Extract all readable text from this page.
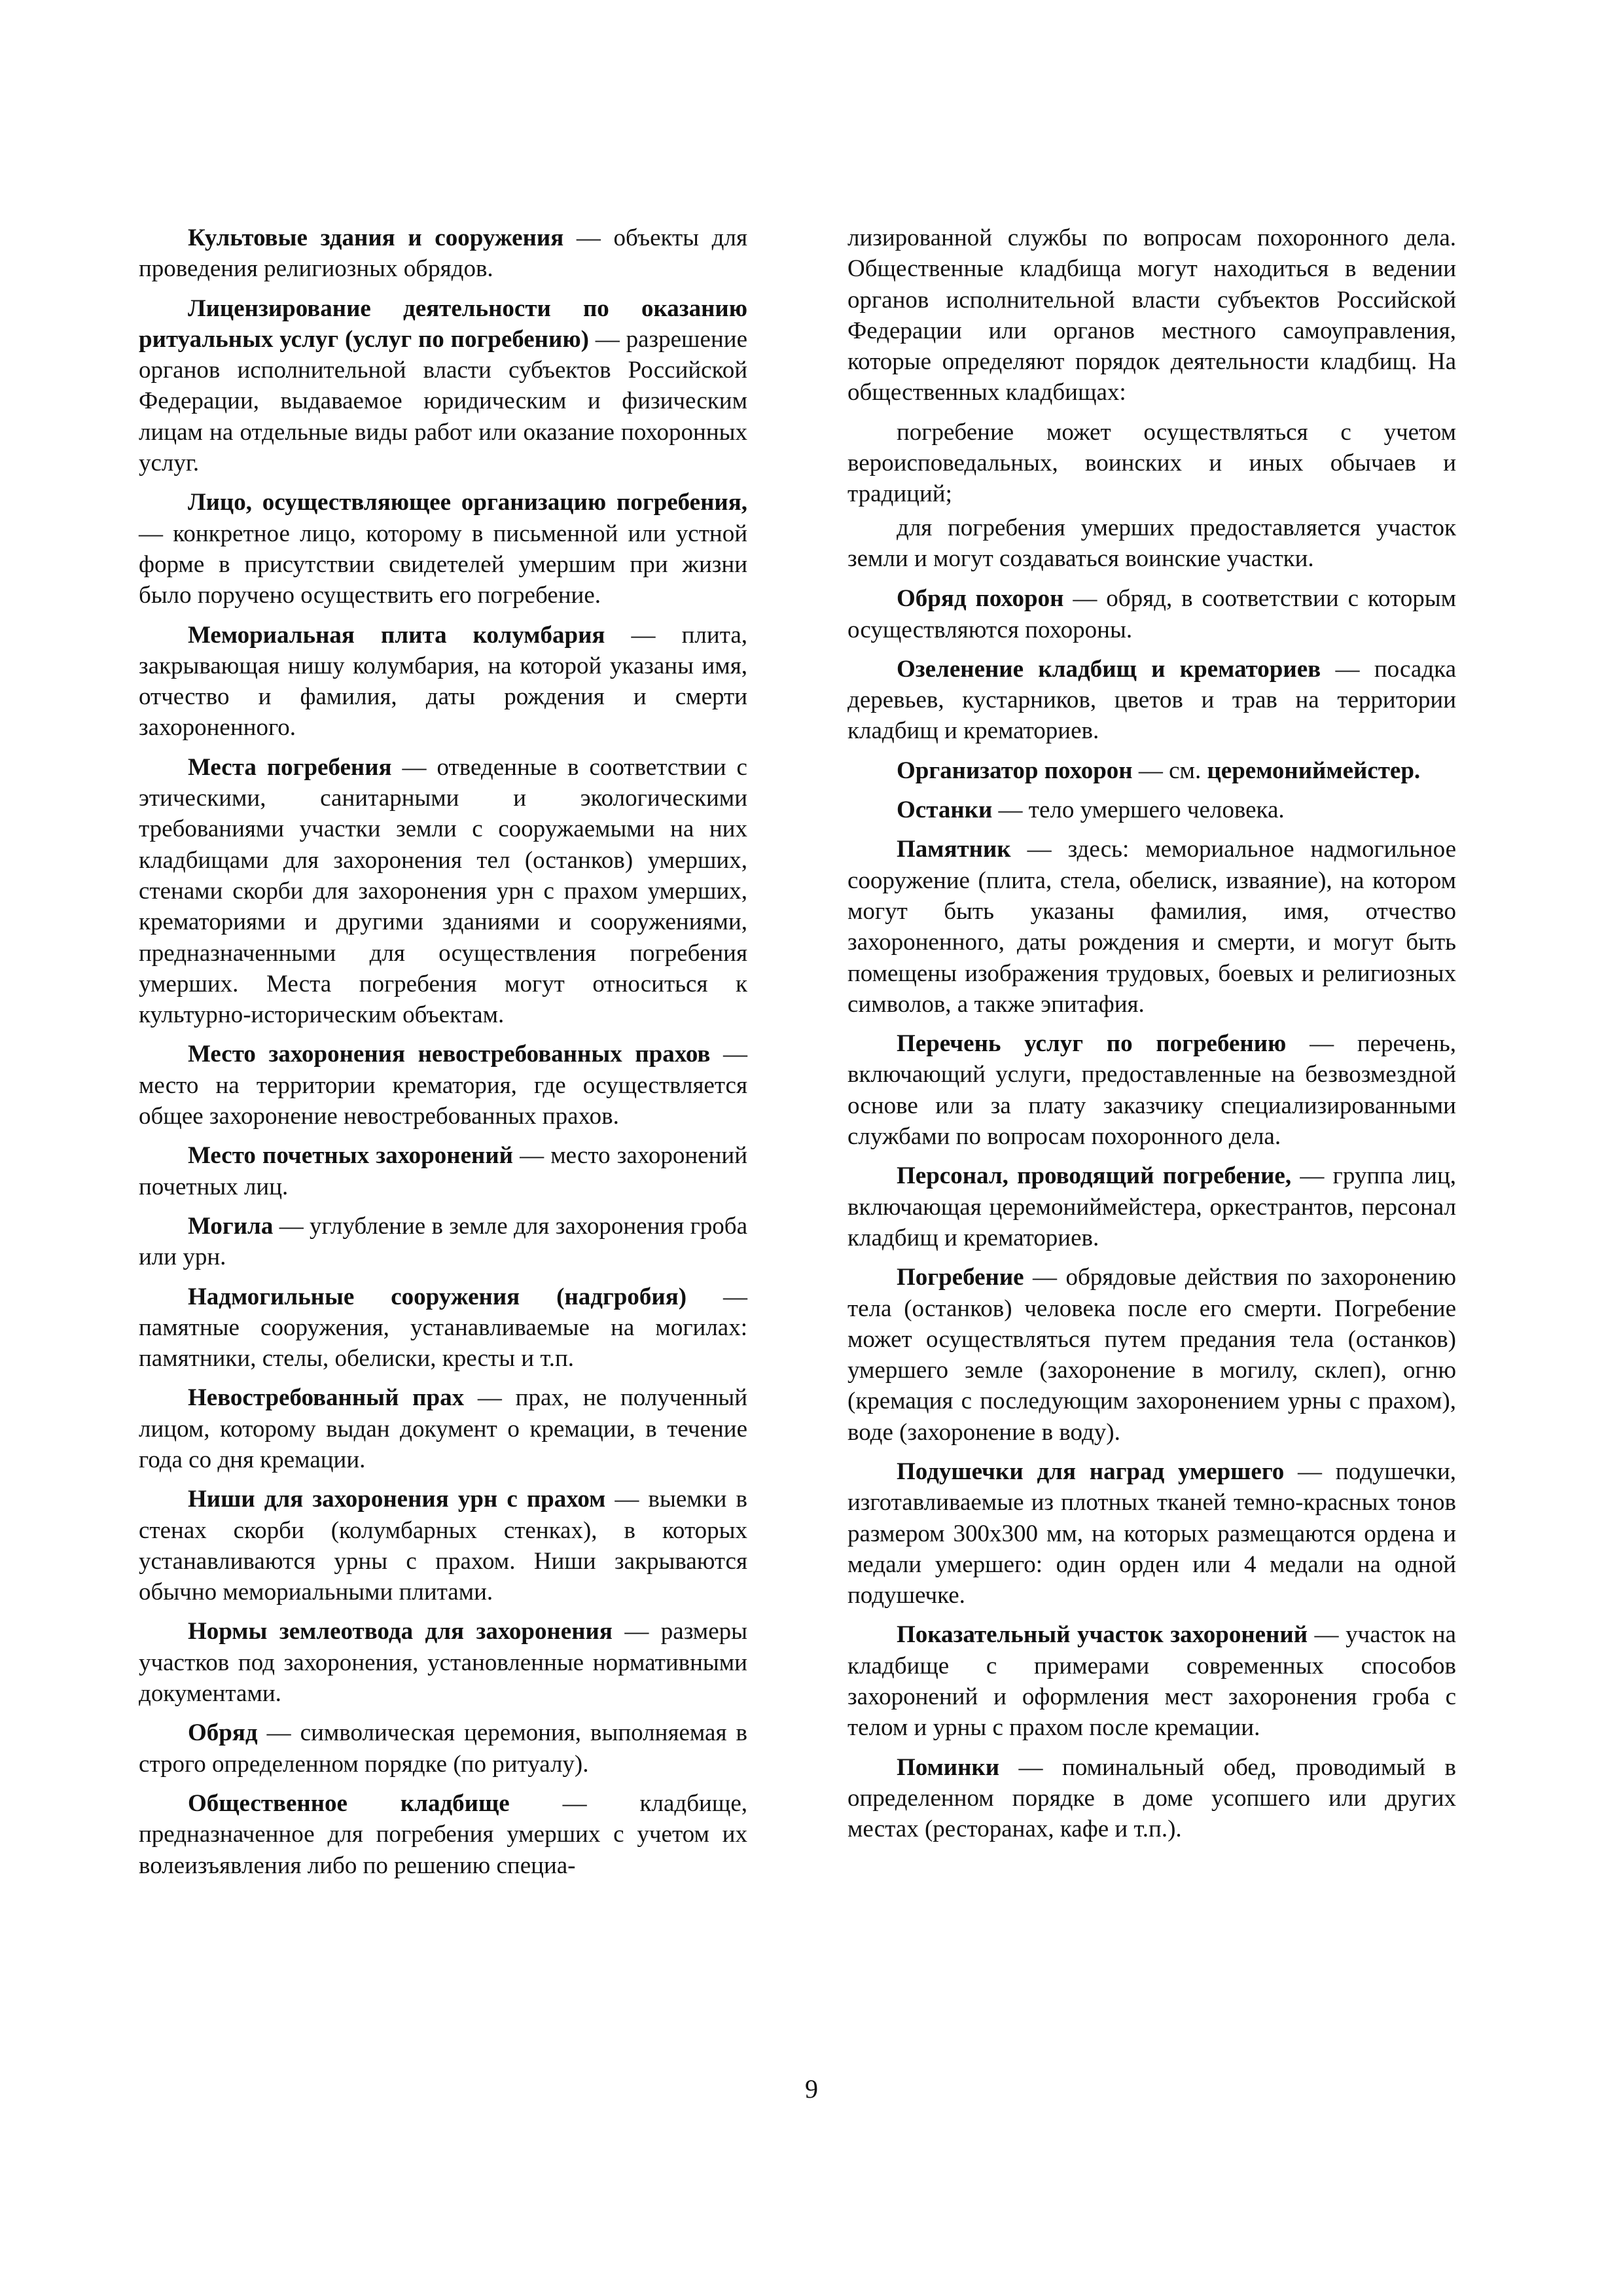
Культовые здания и сооружения — объекты для проведения религиозных обрядов.

Лицензирование деятельности по оказанию ритуальных услуг (услуг по погребению) — разрешение органов исполнительной власти субъектов Российской Федерации, выдаваемое юридическим и физическим лицам на отдельные виды работ или оказание похоронных услуг.

Лицо, осуществляющее организацию погребения, — конкретное лицо, которому в письменной или устной форме в присутствии свидетелей умершим при жизни было поручено осуществить его погребение.

Мемориальная плита колумбария — плита, закрывающая нишу колумбария, на которой указаны имя, отчество и фамилия, даты рождения и смерти захороненного.

Места погребения — отведенные в соответствии с этическими, санитарными и экологическими требованиями участки земли с сооружаемыми на них кладбищами для захоронения тел (останков) умерших, стенами скорби для захоронения урн с прахом умерших, крематориями и другими зданиями и сооружениями, предназначенными для осуществления погребения умерших. Места погребения могут относиться к культурно-историческим объектам.

Место захоронения невостребованных прахов — место на территории крематория, где осуществляется общее захоронение невостребованных прахов.

Место почетных захоронений — место захоронений почетных лиц.

Могила — углубление в земле для захоронения гроба или урн.

Надмогильные сооружения (надгробия) — памятные сооружения, устанавливаемые на могилах: памятники, стелы, обелиски, кресты и т.п.

Невостребованный прах — прах, не полученный лицом, которому выдан документ о кремации, в течение года со дня кремации.

Ниши для захоронения урн с прахом — выемки в стенах скорби (колумбарных стенках), в которых устанавливаются урны с прахом. Ниши закрываются обычно мемориальными плитами.

Нормы землеотвода для захоронения — размеры участков под захоронения, установленные нормативными документами.

Обряд — символическая церемония, выполняемая в строго определенном порядке (по ритуалу).

Общественное кладбище — кладбище, предназначенное для погребения умерших с учетом их волеизъявления либо по решению специа-

лизированной службы по вопросам похоронного дела. Общественные кладбища могут находиться в ведении органов исполнительной власти субъектов Российской Федерации или органов местного самоуправления, которые определяют порядок деятельности кладбищ. На общественных кладбищах:

погребение может осуществляться с учетом вероисповедальных, воинских и иных обычаев и традиций;

для погребения умерших предоставляется участок земли и могут создаваться воинские участки.

Обряд похорон — обряд, в соответствии с которым осуществляются похороны.

Озеленение кладбищ и крематориев — посадка деревьев, кустарников, цветов и трав на территории кладбищ и крематориев.

Организатор похорон — см. церемониймейстер.

Останки — тело умершего человека.

Памятник — здесь: мемориальное надмогильное сооружение (плита, стела, обелиск, изваяние), на котором могут быть указаны фамилия, имя, отчество захороненного, даты рождения и смерти, и могут быть помещены изображения трудовых, боевых и религиозных символов, а также эпитафия.

Перечень услуг по погребению — перечень, включающий услуги, предоставленные на безвозмездной основе или за плату заказчику специализированными службами по вопросам похоронного дела.

Персонал, проводящий погребение, — группа лиц, включающая церемониймейстера, оркестрантов, персонал кладбищ и крематориев.

Погребение — обрядовые действия по захоронению тела (останков) человека после его смерти. Погребение может осуществляться путем предания тела (останков) умершего земле (захоронение в могилу, склеп), огню (кремация с последующим захоронением урны с прахом), воде (захоронение в воду).

Подушечки для наград умершего — подушечки, изготавливаемые из плотных тканей темно-красных тонов размером 300х300 мм, на которых размещаются ордена и медали умершего: один орден или 4 медали на одной подушечке.

Показательный участок захоронений — участок на кладбище с примерами современных способов захоронений и оформления мест захоронения гроба с телом и урны с прахом после кремации.

Поминки — поминальный обед, проводимый в определенном порядке в доме усопшего или других местах (ресторанах, кафе и т.п.).

9
